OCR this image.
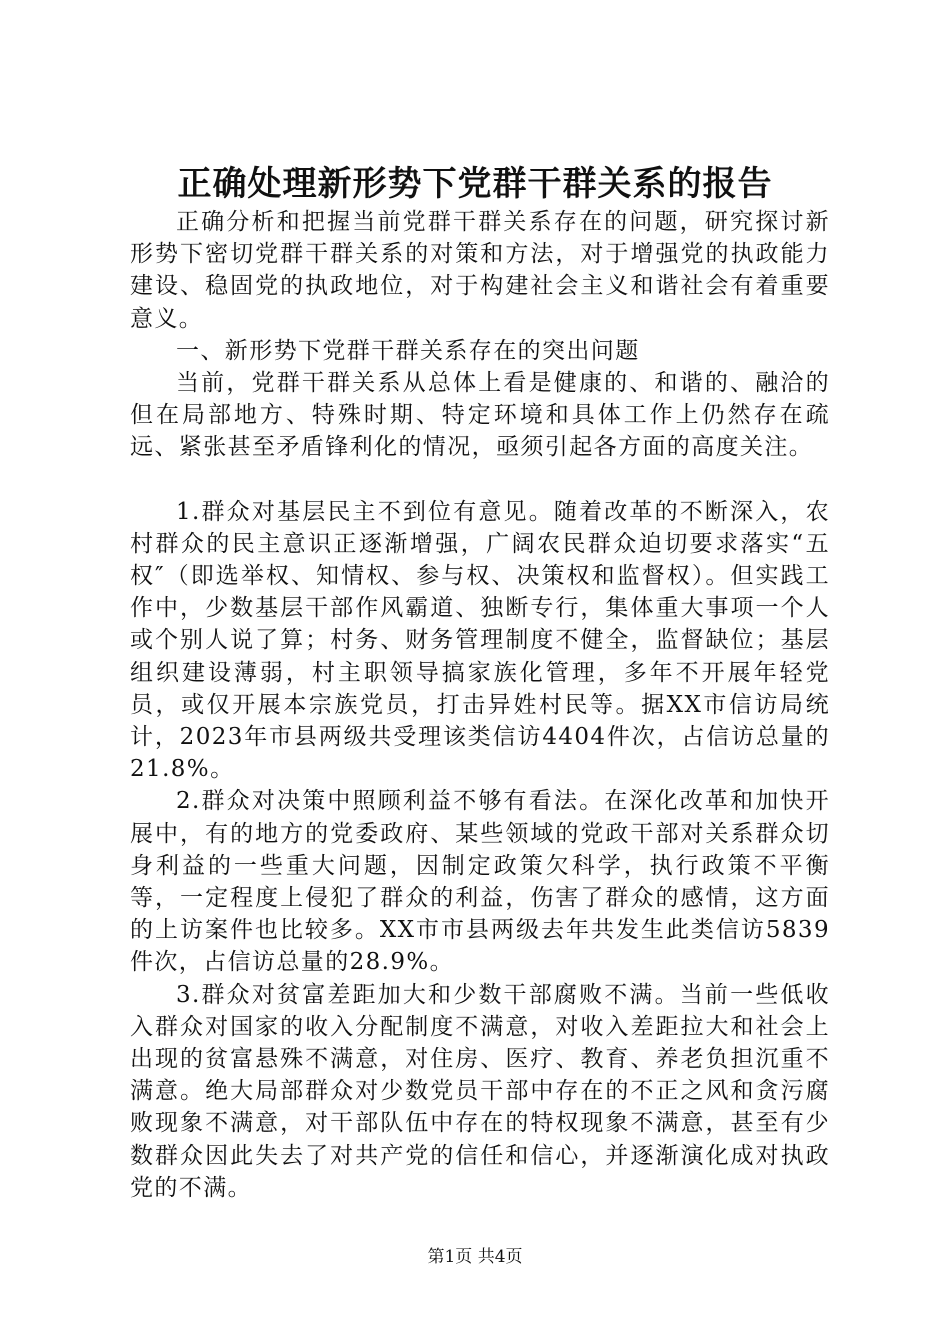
正确处理新形势下党群干群关系的报告

正确分析和把握当前党群干群关系存在的问题，研究探讨新形势下密切党群干群关系的对策和方法，对于增强党的执政能力建设、稳固党的执政地位，对于构建社会主义和谐社会有着重要意义。

一、新形势下党群干群关系存在的突出问题

当前，党群干群关系从总体上看是健康的、和谐的、融洽的但在局部地方、特殊时期、特定环境和具体工作上仍然存在疏远、紧张甚至矛盾锋利化的情况，亟须引起各方面的高度关注。

1.群众对基层民主不到位有意见。随着改革的不断深入，农村群众的民主意识正逐渐增强，广阔农民群众迫切要求落实“五权″（即选举权、知情权、参与权、决策权和监督权）。但实践工作中，少数基层干部作风霸道、独断专行，集体重大事项一个人或个别人说了算；村务、财务管理制度不健全，监督缺位；基层组织建设薄弱，村主职领导搞家族化管理，多年不开展年轻党员，或仅开展本宗族党员，打击异姓村民等。据XX市信访局统计，2023年市县两级共受理该类信访4404件次，占信访总量的21.8%。

2.群众对决策中照顾利益不够有看法。在深化改革和加快开展中，有的地方的党委政府、某些领域的党政干部对关系群众切身利益的一些重大问题，因制定政策欠科学，执行政策不平衡等，一定程度上侵犯了群众的利益，伤害了群众的感情，这方面的上访案件也比较多。XX市市县两级去年共发生此类信访5839件次，占信访总量的28.9%。

3.群众对贫富差距加大和少数干部腐败不满。当前一些低收入群众对国家的收入分配制度不满意，对收入差距拉大和社会上出现的贫富悬殊不满意，对住房、医疗、教育、养老负担沉重不满意。绝大局部群众对少数党员干部中存在的不正之风和贪污腐败现象不满意，对干部队伍中存在的特权现象不满意，甚至有少数群众因此失去了对共产党的信任和信心，并逐渐演化成对执政党的不满。

第1页 共4页
